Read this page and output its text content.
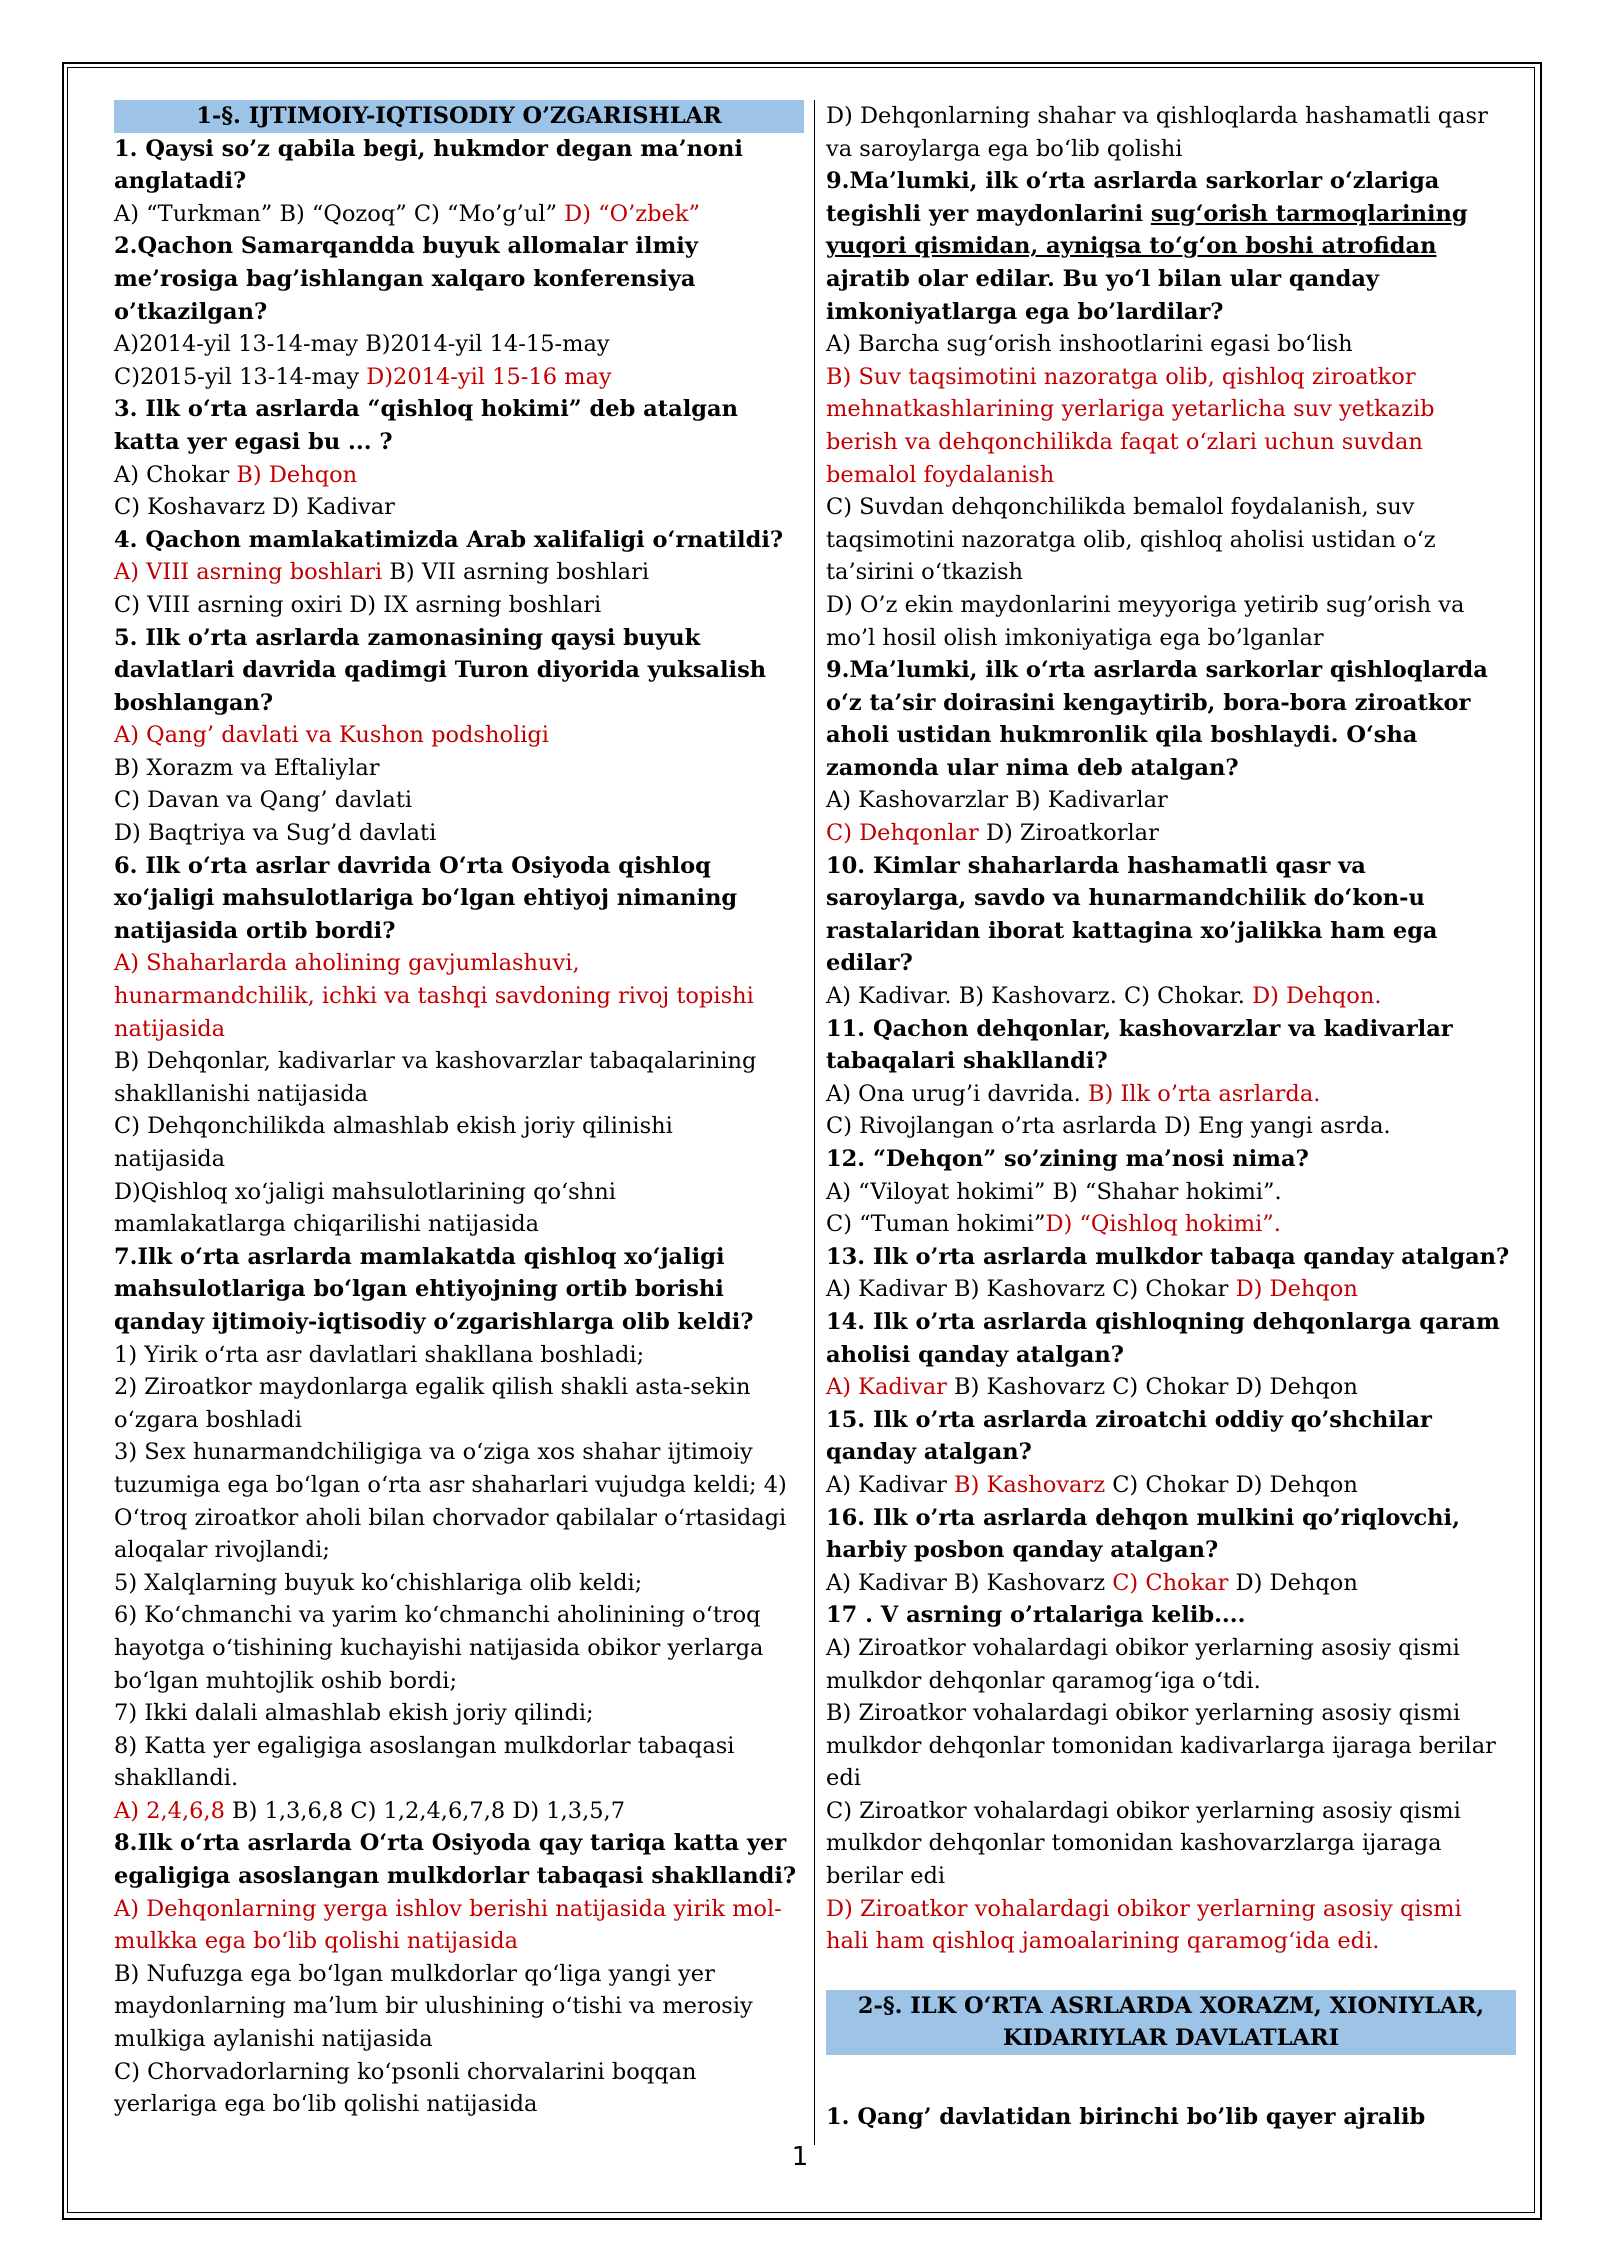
1-§. IJTIMOIY-IQTISODIY O’ZGARISHLAR
1. Qaysi so’z qabila begi, hukmdor degan ma’noni
anglatadi?
A) “Turkman” B) “Qozoq” C) “Mo’g’ul” D) “O’zbek”
2.Qachon Samarqandda buyuk allomalar ilmiy
me’rosiga bag’ishlangan xalqaro konferensiya
o’tkazilgan?
A)2014-yil 13-14-may B)2014-yil 14-15-may
C)2015-yil 13-14-may D)2014-yil 15-16 may
3. Ilk o‘rta asrlarda “qishloq hokimi” deb atalgan
katta yer egasi bu ... ?
A) Chokar B) Dehqon
C) Koshavarz D) Kadivar
4. Qachon mamlakatimizda Arab xalifaligi o‘rnatildi?
A) VIII asrning boshlari B) VII asrning boshlari
C) VIII asrning oxiri D) IX asrning boshlari
5. Ilk o’rta asrlarda zamonasining qaysi buyuk
davlatlari davrida qadimgi Turon diyorida yuksalish
boshlangan?
A) Qang’ davlati va Kushon podsholigi
B) Xorazm va Eftaliylar
C) Davan va Qang’ davlati
D) Baqtriya va Sug’d davlati
6. Ilk o‘rta asrlar davrida O‘rta Osiyoda qishloq
xo‘jaligi mahsulotlariga bo‘lgan ehtiyoj nimaning
natijasida ortib bordi?
A) Shaharlarda aholining gavjumlashuvi,
hunarmandchilik, ichki va tashqi savdoning rivoj topishi
natijasida
B) Dehqonlar, kadivarlar va kashovarzlar tabaqalarining
shakllanishi natijasida
C) Dehqonchilikda almashlab ekish joriy qilinishi
natijasida
D)Qishloq xo‘jaligi mahsulotlarining qo‘shni
mamlakatlarga chiqarilishi natijasida
7.Ilk o‘rta asrlarda mamlakatda qishloq xo‘jaligi
mahsulotlariga bo‘lgan ehtiyojning ortib borishi
qanday ijtimoiy-iqtisodiy o‘zgarishlarga olib keldi?
1) Yirik o‘rta asr davlatlari shakllana boshladi;
2) Ziroatkor maydonlarga egalik qilish shakli asta-sekin
o‘zgara boshladi
3) Sex hunarmandchiligiga va o‘ziga xos shahar ijtimoiy
tuzumiga ega bo‘lgan o‘rta asr shaharlari vujudga keldi; 4)
O‘troq ziroatkor aholi bilan chorvador qabilalar o‘rtasidagi
aloqalar rivojlandi;
5) Xalqlarning buyuk ko‘chishlariga olib keldi;
6) Ko‘chmanchi va yarim ko‘chmanchi aholinining o‘troq
hayotga o‘tishining kuchayishi natijasida obikor yerlarga
bo‘lgan muhtojlik oshib bordi;
7) Ikki dalali almashlab ekish joriy qilindi;
8) Katta yer egaligiga asoslangan mulkdorlar tabaqasi
shakllandi.
A) 2,4,6,8 B) 1,3,6,8 C) 1,2,4,6,7,8 D) 1,3,5,7
8.Ilk o‘rta asrlarda O‘rta Osiyoda qay tariqa katta yer
egaligiga asoslangan mulkdorlar tabaqasi shakllandi?
A) Dehqonlarning yerga ishlov berishi natijasida yirik mol-
mulkka ega bo‘lib qolishi natijasida
B) Nufuzga ega bo‘lgan mulkdorlar qo‘liga yangi yer
maydonlarning ma’lum bir ulushining o‘tishi va merosiy
mulkiga aylanishi natijasida
C) Chorvadorlarning ko‘psonli chorvalarini boqqan
yerlariga ega bo‘lib qolishi natijasida
D) Dehqonlarning shahar va qishloqlarda hashamatli qasr
va saroylarga ega bo‘lib qolishi
9.Ma’lumki, ilk o‘rta asrlarda sarkorlar o‘zlariga
tegishli yer maydonlarini sug‘orish tarmoqlarining
yuqori qismidan, ayniqsa to‘g‘on boshi atrofidan
ajratib olar edilar. Bu yo‘l bilan ular qanday
imkoniyatlarga ega bo’lardilar?
A) Barcha sug‘orish inshootlarini egasi bo‘lish
B) Suv taqsimotini nazoratga olib, qishloq ziroatkor
mehnatkashlarining yerlariga yetarlicha suv yetkazib
berish va dehqonchilikda faqat o‘zlari uchun suvdan
bemalol foydalanish
C) Suvdan dehqonchilikda bemalol foydalanish, suv
taqsimotini nazoratga olib, qishloq aholisi ustidan o‘z
ta’sirini o‘tkazish
D) O’z ekin maydonlarini meyyoriga yetirib sug’orish va
mo’l hosil olish imkoniyatiga ega bo’lganlar
9.Ma’lumki, ilk o‘rta asrlarda sarkorlar qishloqlarda
o‘z ta’sir doirasini kengaytirib, bora-bora ziroatkor
aholi ustidan hukmronlik qila boshlaydi. O‘sha
zamonda ular nima deb atalgan?
A) Kashovarzlar B) Kadivarlar
C) Dehqonlar D) Ziroatkorlar
10. Kimlar shaharlarda hashamatli qasr va
saroylarga, savdo va hunarmandchilik do‘kon-u
rastalaridan iborat kattagina xo’jalikka ham ega
edilar?
A) Kadivar. B) Kashovarz. C) Chokar. D) Dehqon.
11. Qachon dehqonlar, kashovarzlar va kadivarlar
tabaqalari shakllandi?
A) Ona urug’i davrida. B) Ilk o’rta asrlarda.
C) Rivojlangan o’rta asrlarda D) Eng yangi asrda.
12. “Dehqon” so’zining ma’nosi nima?
A) “Viloyat hokimi” B) “Shahar hokimi”.
C) “Tuman hokimi”D) “Qishloq hokimi”.
13. Ilk o’rta asrlarda mulkdor tabaqa qanday atalgan?
A) Kadivar B) Kashovarz C) Chokar D) Dehqon
14. Ilk o’rta asrlarda qishloqning dehqonlarga qaram
aholisi qanday atalgan?
A) Kadivar B) Kashovarz C) Chokar D) Dehqon
15. Ilk o’rta asrlarda ziroatchi oddiy qo’shchilar
qanday atalgan?
A) Kadivar B) Kashovarz C) Chokar D) Dehqon
16. Ilk o’rta asrlarda dehqon mulkini qo’riqlovchi,
harbiy posbon qanday atalgan?
A) Kadivar B) Kashovarz C) Chokar D) Dehqon
17 . V asrning o’rtalariga kelib....
A) Ziroatkor vohalardagi obikor yerlarning asosiy qismi
mulkdor dehqonlar qaramog‘iga o‘tdi.
B) Ziroatkor vohalardagi obikor yerlarning asosiy qismi
mulkdor dehqonlar tomonidan kadivarlarga ijaraga berilar
edi
C) Ziroatkor vohalardagi obikor yerlarning asosiy qismi
mulkdor dehqonlar tomonidan kashovarzlarga ijaraga
berilar edi
D) Ziroatkor vohalardagi obikor yerlarning asosiy qismi
hali ham qishloq jamoalarining qaramog‘ida edi.
2-§. ILK O‘RTA ASRLARDA XORAZM, XIONIYLAR,
KIDARIYLAR DAVLATLARI
1. Qang’ davlatidan birinchi bo’lib qayer ajralib
1
